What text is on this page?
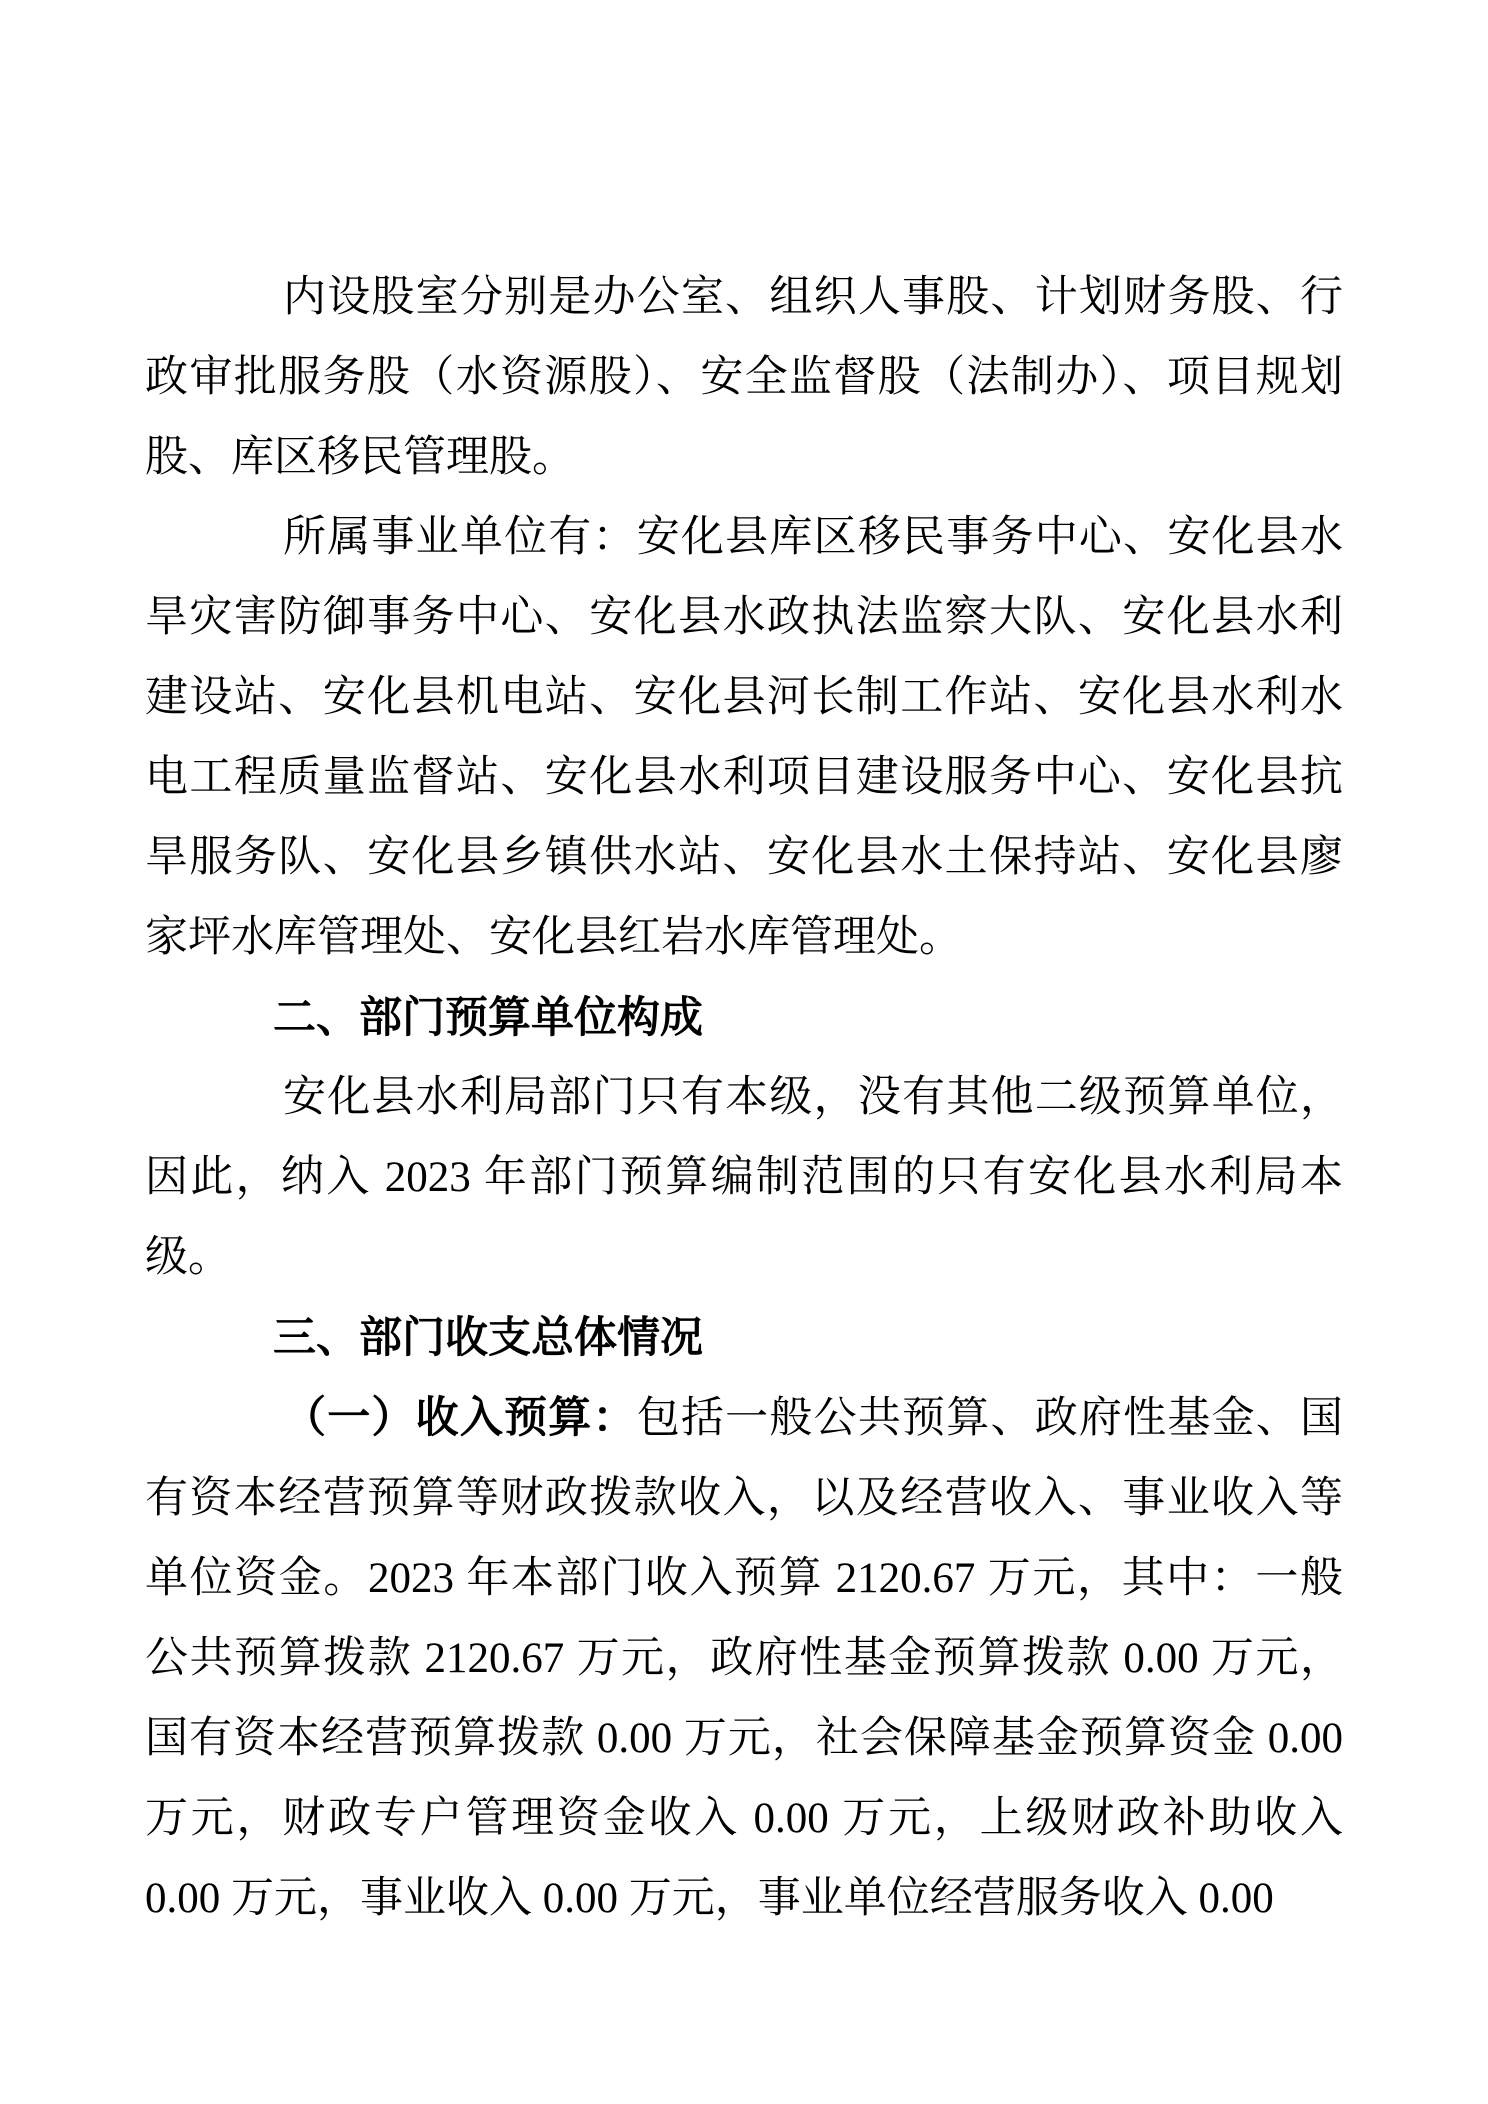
内设股室分别是办公室、组织人事股、计划财务股、行政审批服务股（水资源股）、安全监督股（法制办）、项目规划股、库区移民管理股。

所属事业单位有：安化县库区移民事务中心、安化县水旱灾害防御事务中心、安化县水政执法监察大队、安化县水利建设站、安化县机电站、安化县河长制工作站、安化县水利水电工程质量监督站、安化县水利项目建设服务中心、安化县抗旱服务队、安化县乡镇供水站、安化县水土保持站、安化县廖家坪水库管理处、安化县红岩水库管理处。

二、部门预算单位构成

安化县水利局部门只有本级，没有其他二级预算单位，因此，纳入 2023 年部门预算编制范围的只有安化县水利局本级。

三、部门收支总体情况

（一）收入预算：包括一般公共预算、政府性基金、国有资本经营预算等财政拨款收入，以及经营收入、事业收入等单位资金。2023 年本部门收入预算 2120.67 万元，其中：一般公共预算拨款 2120.67 万元，政府性基金预算拨款 0.00 万元，国有资本经营预算拨款 0.00 万元，社会保障基金预算资金 0.00 万元，财政专户管理资金收入 0.00 万元，上级财政补助收入 0.00 万元，事业收入 0.00 万元，事业单位经营服务收入 0.00
